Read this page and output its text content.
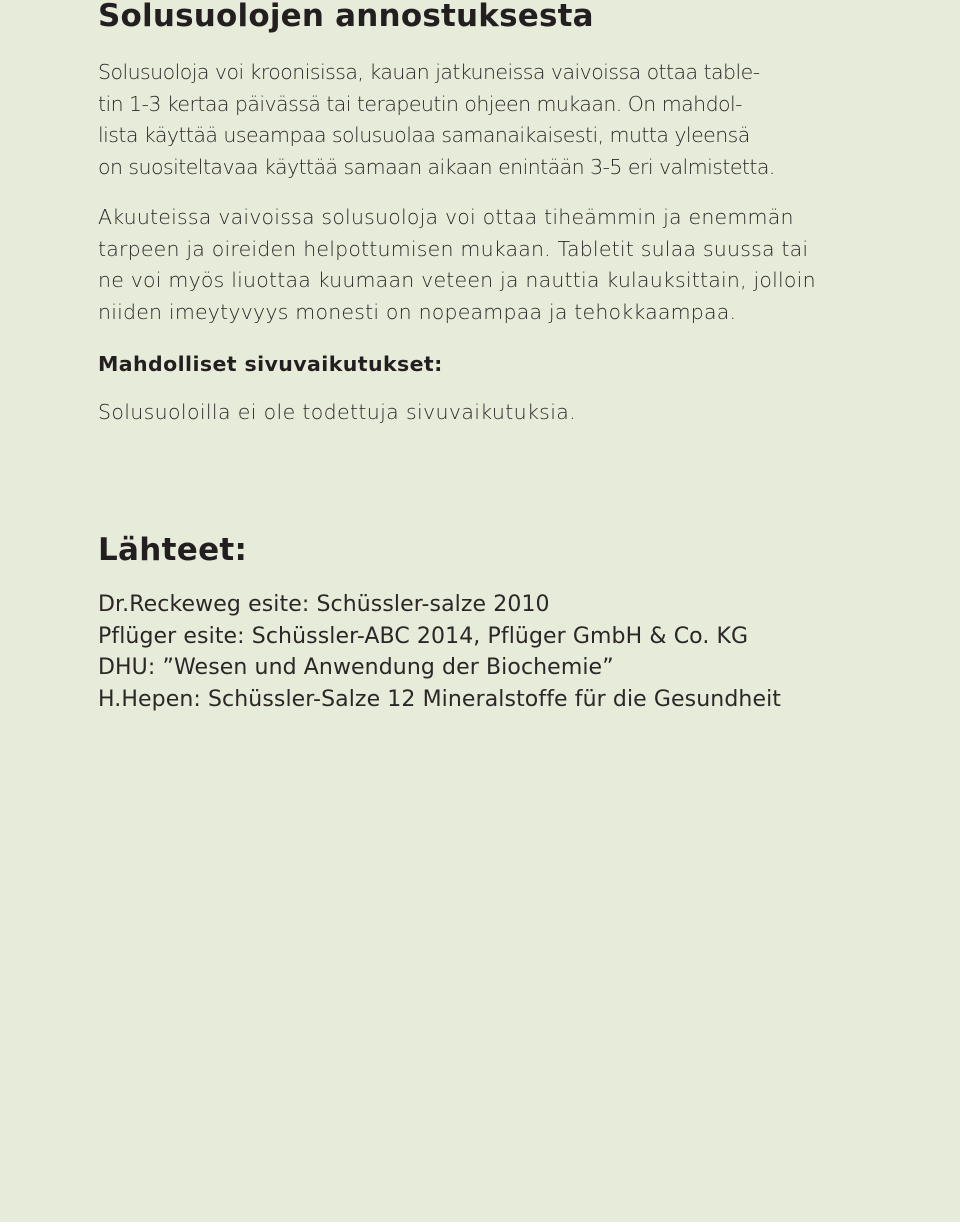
Solusuolojen annostuksesta

Solusuoloja voi kroonisissa, kauan jatkuneissa vaivoissa ottaa table-
tin 1-3 kertaa päivässä tai terapeutin ohjeen mukaan. On mahdol-
lista käyttää useampaa solusuolaa samanaikaisesti, mutta yleensä
on suositeltavaa käyttää samaan aikaan enintään 3-5 eri valmistetta.

Akuuteissa vaivoissa solusuoloja voi ottaa tiheämmin ja enemmän
tarpeen ja oireiden helpottumisen mukaan. Tabletit sulaa suussa tai
ne voi myös liuottaa kuumaan veteen ja nauttia kulauksittain, jolloin
niiden imeytyvyys monesti on nopeampaa ja tehokkaampaa.

Mahdolliset sivuvaikutukset:

Solusuoloilla ei ole todettuja sivuvaikutuksia.

Lähteet:
Dr.Reckeweg esite: Schüssler-salze 2010
Pflüger esite: Schüssler-ABC 2014, Pflüger GmbH & Co. KG
DHU: ”Wesen und Anwendung der Biochemie”
H.Hepen: Schüssler-Salze 12 Mineralstoffe für die Gesundheit
